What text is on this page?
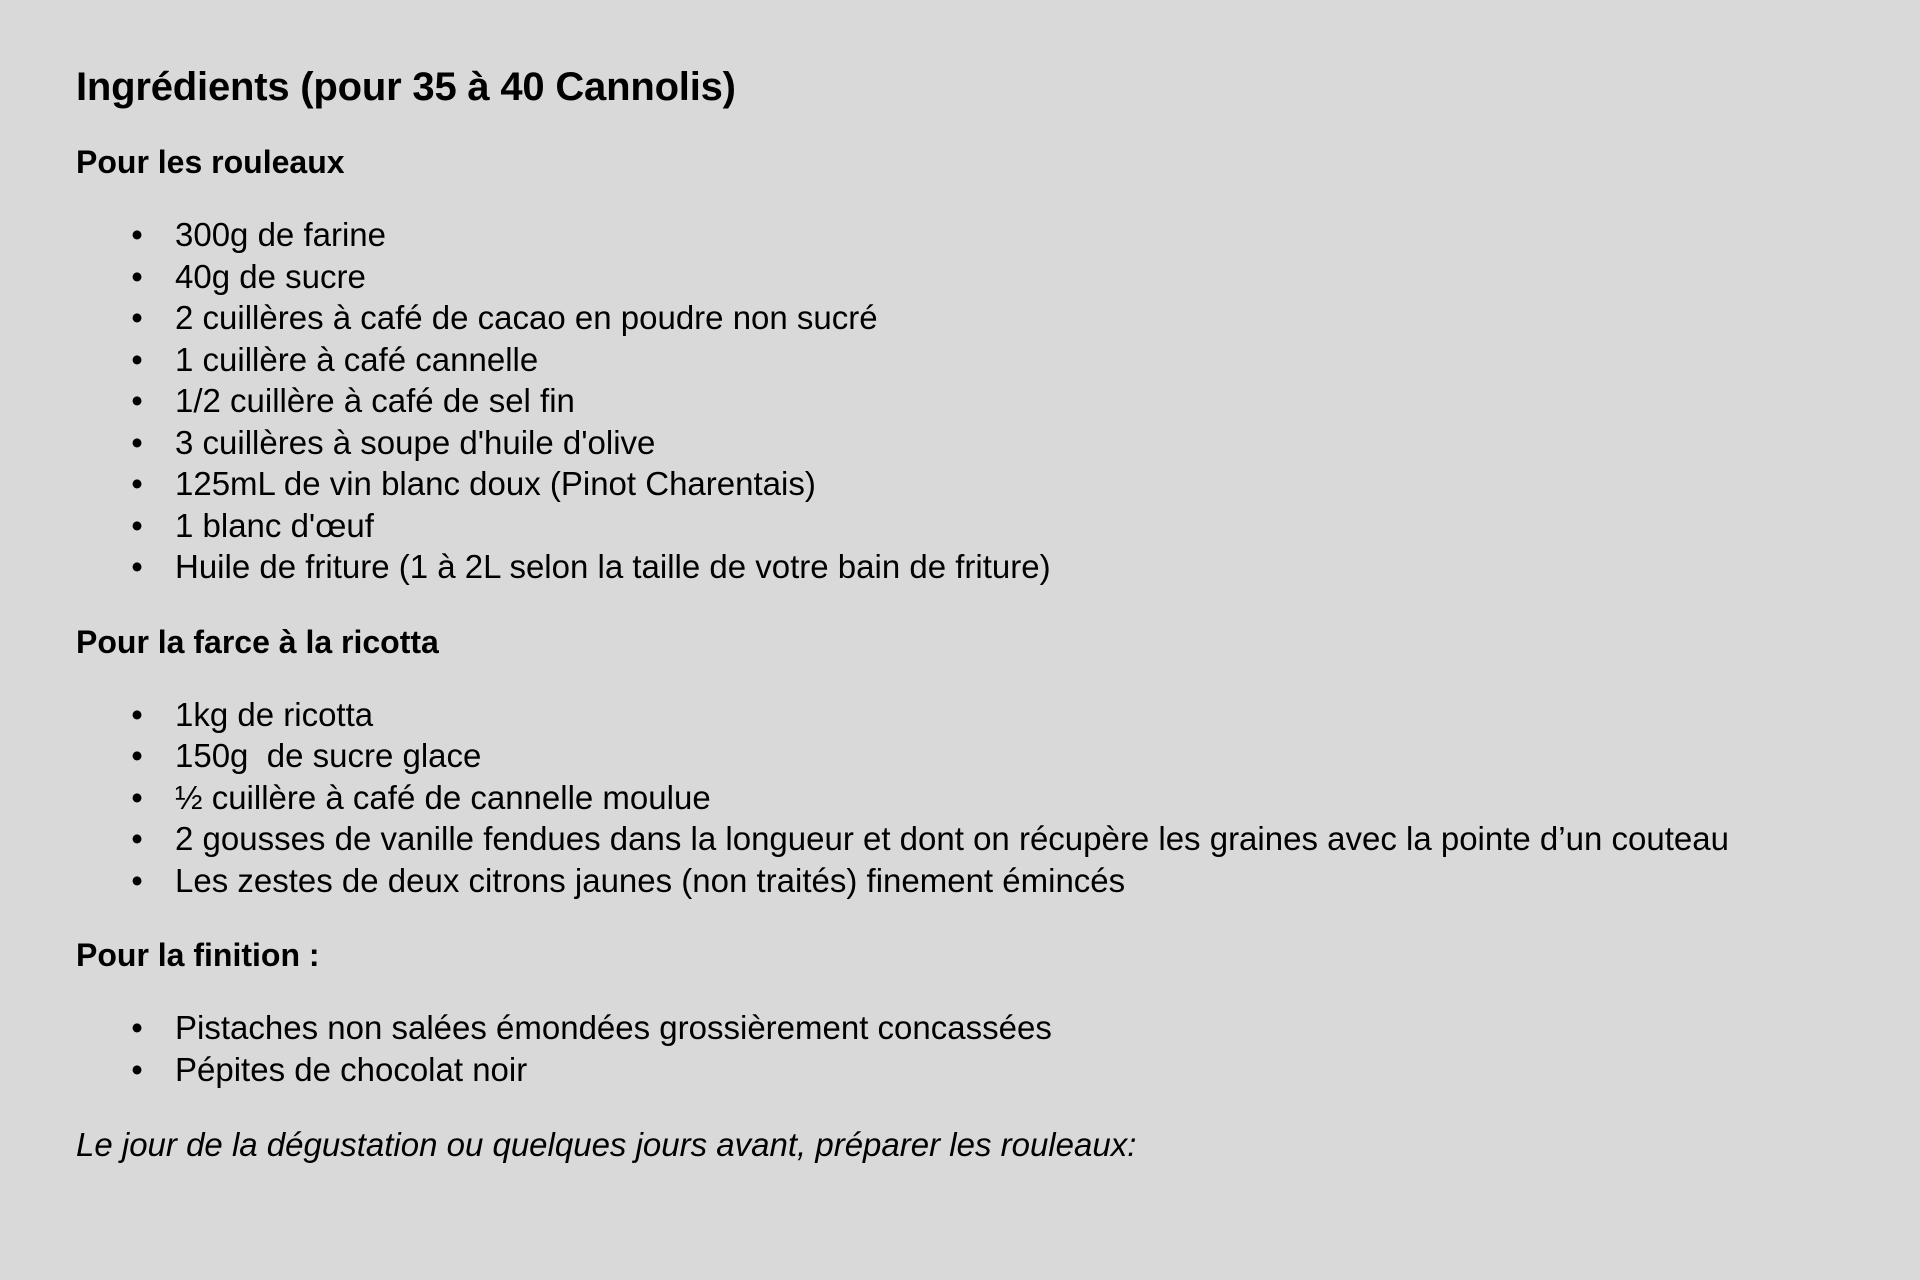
Ingrédients (pour 35 à 40 Cannolis)
Pour les rouleaux
• 300g de farine
• 40g de sucre
• 2 cuillères à café de cacao en poudre non sucré
• 1 cuillère à café cannelle
• 1/2 cuillère à café de sel fin
• 3 cuillères à soupe d'huile d'olive
• 125mL de vin blanc doux (Pinot Charentais)
• 1 blanc d'œuf
• Huile de friture (1 à 2L selon la taille de votre bain de friture)
Pour la farce à la ricotta
• 1kg de ricotta
• 150g  de sucre glace
• ½ cuillère à café de cannelle moulue
• 2 gousses de vanille fendues dans la longueur et dont on récupère les graines avec la pointe d’un couteau
• Les zestes de deux citrons jaunes (non traités) finement émincés
Pour la finition :
• Pistaches non salées émondées grossièrement concassées
• Pépites de chocolat noir

Le jour de la dégustation ou quelques jours avant, préparer les rouleaux:
